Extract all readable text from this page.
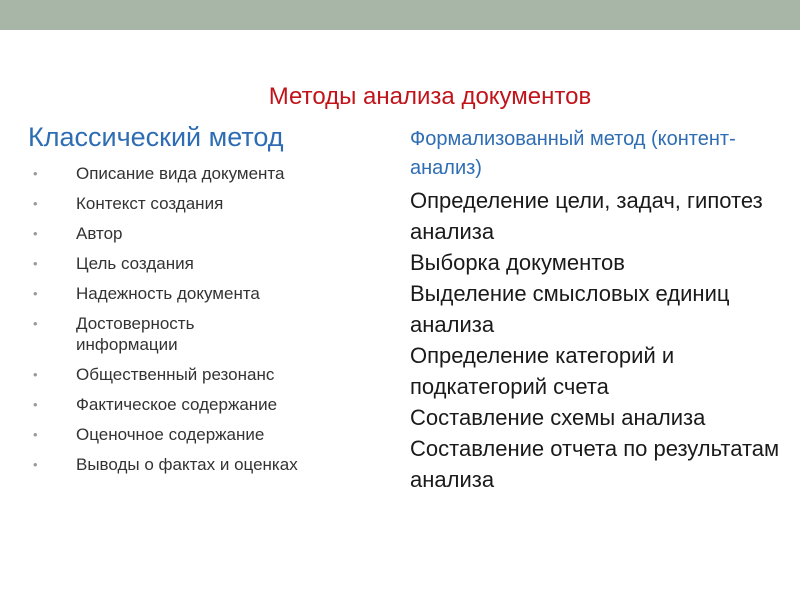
Методы анализа документов
Классический метод
• Описание вида документа
• Контекст создания
• Автор
• Цель создания
• Надежность документа
• Достоверность информации
• Общественный резонанс
• Фактическое содержание
• Оценочное содержание
• Выводы о фактах и оценках
Формализованный метод (контент-анализ)
Определение цели, задач, гипотез анализа
Выборка документов
Выделение смысловых единиц анализа
Определение категорий и подкатегорий счета
Составление схемы анализа
Составление отчета по результатам анализа
